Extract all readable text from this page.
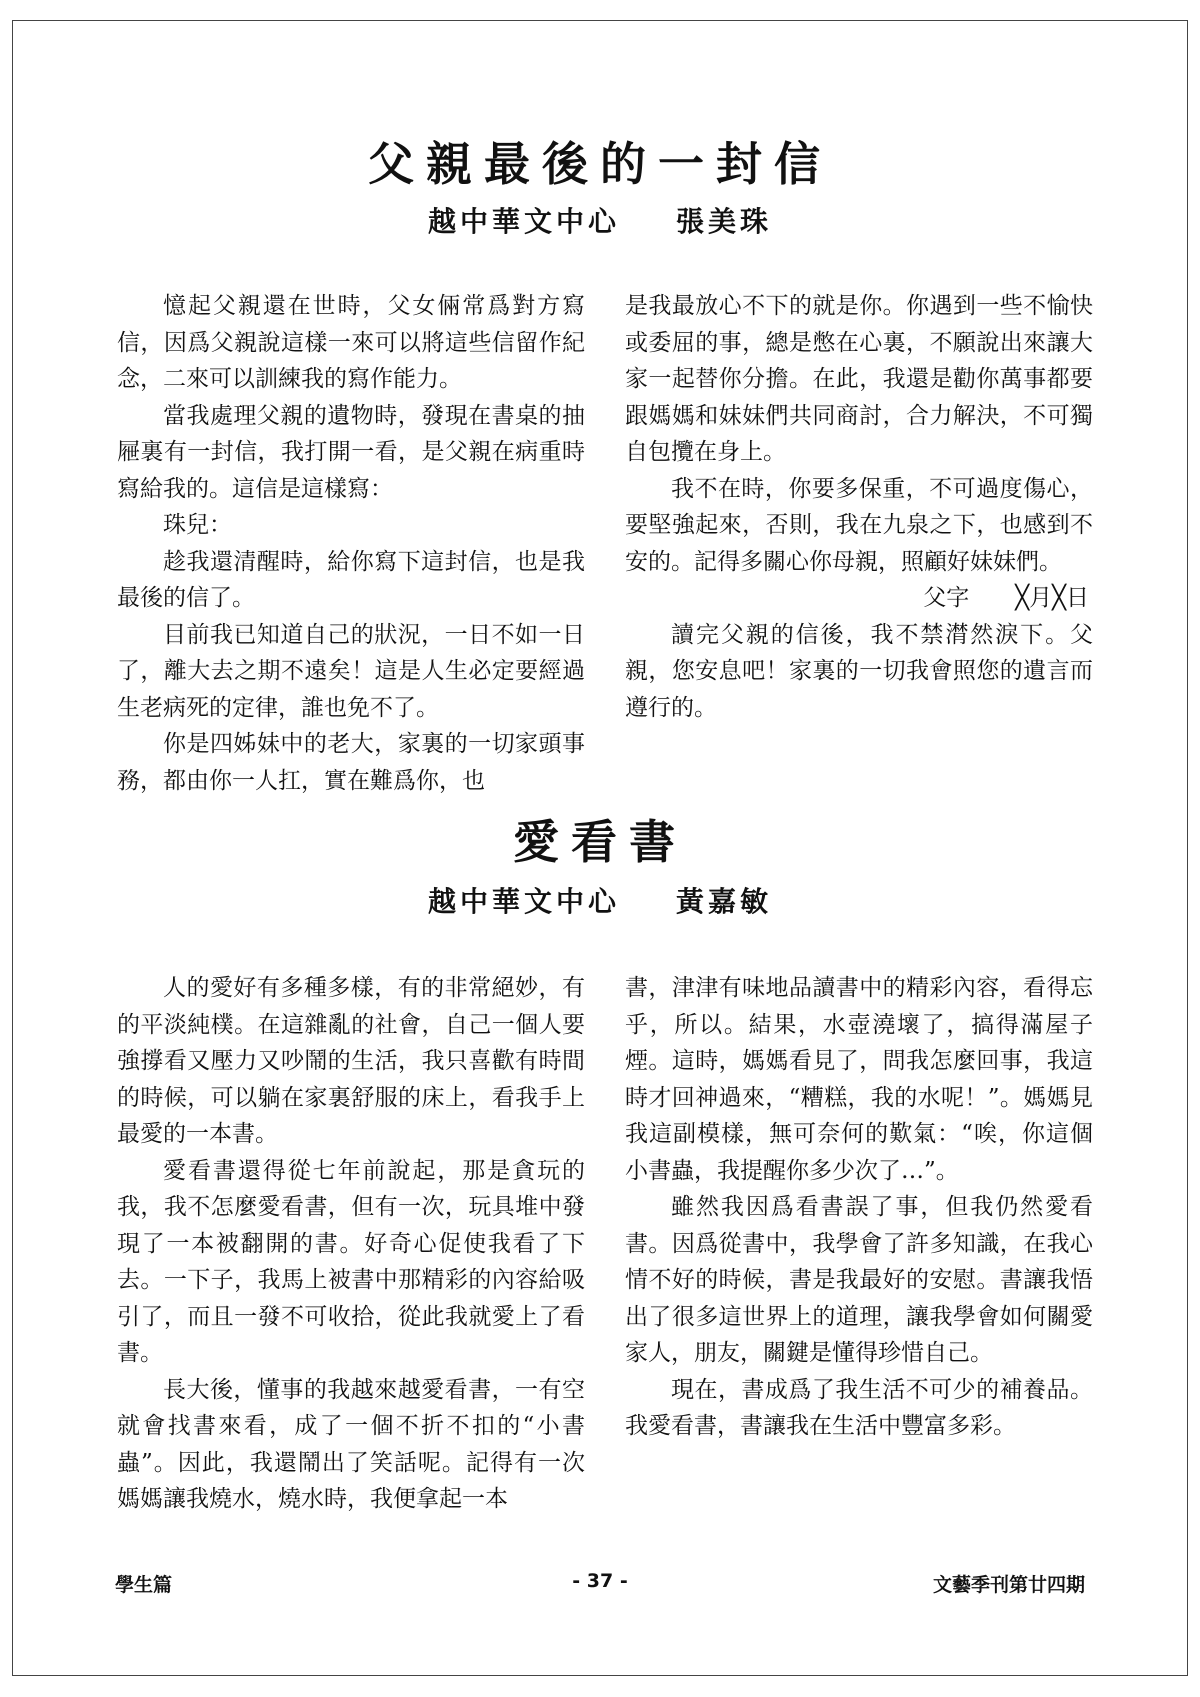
父親最後的一封信
越中華文中心 張美珠

憶起父親還在世時，父女倆常爲對方寫信，因爲父親說這樣一來可以將這些信留作紀念，二來可以訓練我的寫作能力。

當我處理父親的遺物時，發現在書桌的抽屜裏有一封信，我打開一看，是父親在病重時寫給我的。這信是這樣寫：

珠兒：

趁我還清醒時，給你寫下這封信，也是我最後的信了。

目前我已知道自己的狀況，一日不如一日了，離大去之期不遠矣！這是人生必定要經過生老病死的定律，誰也免不了。

你是四姊妹中的老大，家裏的一切家頭事務，都由你一人扛，實在難爲你，也

是我最放心不下的就是你。你遇到一些不愉快或委屈的事，總是憋在心裏，不願說出來讓大家一起替你分擔。在此，我還是勸你萬事都要跟媽媽和妹妹們共同商討，合力解決，不可獨自包攬在身上。

我不在時，你要多保重，不可過度傷心，要堅強起來，否則，我在九泉之下，也感到不安的。記得多關心你母親，照顧好妹妹們。

父字 ╳月╳日

讀完父親的信後，我不禁潸然淚下。父親，您安息吧！家裏的一切我會照您的遺言而遵行的。

愛看書
越中華文中心 黃嘉敏

人的愛好有多種多樣，有的非常絕妙，有的平淡純樸。在這雜亂的社會，自己一個人要強撐看又壓力又吵鬧的生活，我只喜歡有時間的時候，可以躺在家裏舒服的床上，看我手上最愛的一本書。

愛看書還得從七年前說起，那是貪玩的我，我不怎麼愛看書，但有一次，玩具堆中發現了一本被翻開的書。好奇心促使我看了下去。一下子，我馬上被書中那精彩的內容給吸引了，而且一發不可收拾，從此我就愛上了看書。

長大後，懂事的我越來越愛看書，一有空就會找書來看，成了一個不折不扣的“小書蟲”。因此，我還鬧出了笑話呢。記得有一次媽媽讓我燒水，燒水時，我便拿起一本

書，津津有味地品讀書中的精彩內容，看得忘乎，所以。結果，水壺澆壞了，搞得滿屋子煙。這時，媽媽看見了，問我怎麼回事，我這時才回神過來，“糟糕，我的水呢！”。媽媽見我這副模樣，無可奈何的歎氣：“唉，你這個小書蟲，我提醒你多少次了…”。

雖然我因爲看書誤了事，但我仍然愛看書。因爲從書中，我學會了許多知識，在我心情不好的時候，書是我最好的安慰。書讓我悟出了很多這世界上的道理，讓我學會如何關愛家人，朋友，關鍵是懂得珍惜自己。

現在，書成爲了我生活不可少的補養品。我愛看書，書讓我在生活中豐富多彩。

學生篇	- 37 -	文藝季刊第廿四期
